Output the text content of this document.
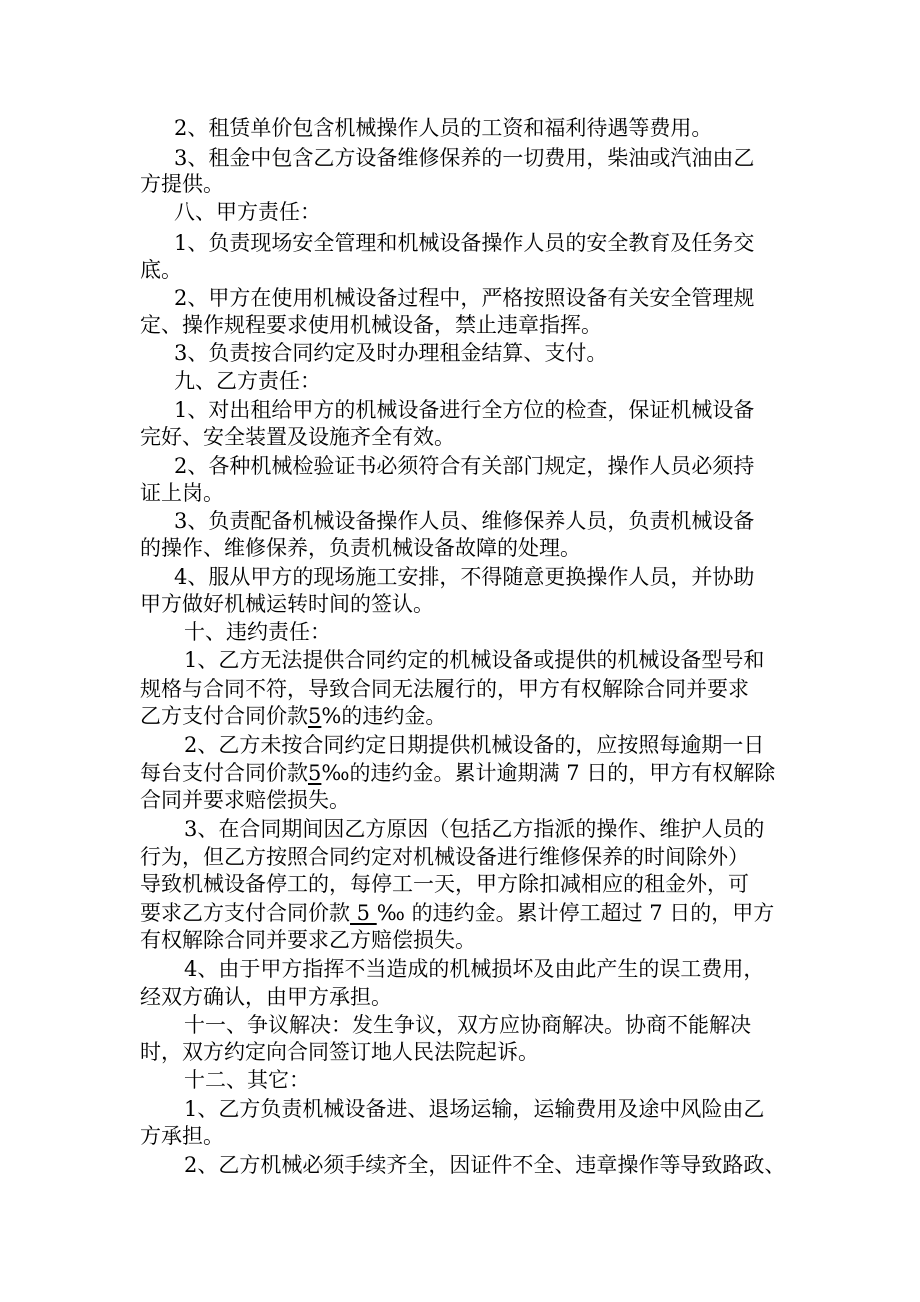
2、租赁单价包含机械操作人员的工资和福利待遇等费用。
3、租金中包含乙方设备维修保养的一切费用，柴油或汽油由乙
方提供。
八、甲方责任：
1、负责现场安全管理和机械设备操作人员的安全教育及任务交
底。
2、甲方在使用机械设备过程中，严格按照设备有关安全管理规
定、操作规程要求使用机械设备，禁止违章指挥。
3、负责按合同约定及时办理租金结算、支付。
九、乙方责任：
1、对出租给甲方的机械设备进行全方位的检查，保证机械设备
完好、安全装置及设施齐全有效。
2、各种机械检验证书必须符合有关部门规定，操作人员必须持
证上岗。
3、负责配备机械设备操作人员、维修保养人员，负责机械设备
的操作、维修保养，负责机械设备故障的处理。
4、服从甲方的现场施工安排，不得随意更换操作人员，并协助
甲方做好机械运转时间的签认。
十、违约责任：
1、乙方无法提供合同约定的机械设备或提供的机械设备型号和
规格与合同不符，导致合同无法履行的，甲方有权解除合同并要求
乙方支付合同价款5%的违约金。
2、乙方未按合同约定日期提供机械设备的，应按照每逾期一日
每台支付合同价款5‰的违约金。累计逾期满 7 日的，甲方有权解除
合同并要求赔偿损失。
3、在合同期间因乙方原因（包括乙方指派的操作、维护人员的
行为，但乙方按照合同约定对机械设备进行维修保养的时间除外）
导致机械设备停工的，每停工一天，甲方除扣减相应的租金外，可
要求乙方支付合同价款 5 ‰ 的违约金。累计停工超过 7 日的，甲方
有权解除合同并要求乙方赔偿损失。
4、由于甲方指挥不当造成的机械损坏及由此产生的误工费用，
经双方确认，由甲方承担。
十一、争议解决：发生争议，双方应协商解决。协商不能解决
时，双方约定向合同签订地人民法院起诉。
十二、其它：
1、乙方负责机械设备进、退场运输，运输费用及途中风险由乙
方承担。
2、乙方机械必须手续齐全，因证件不全、违章操作等导致路政、
